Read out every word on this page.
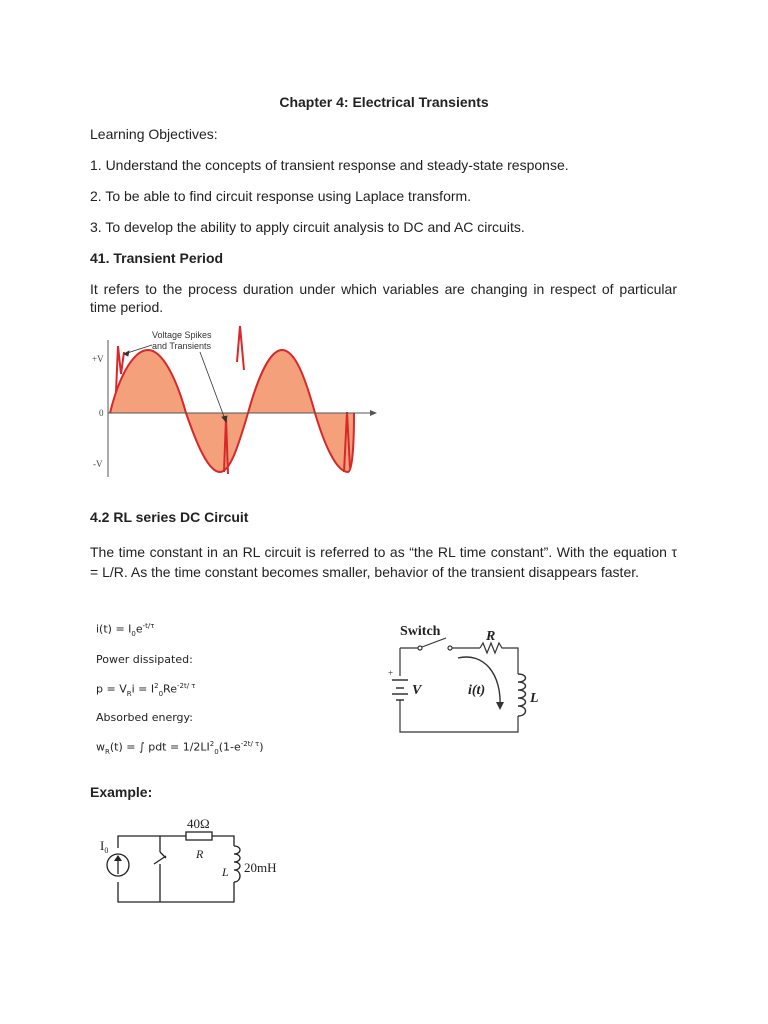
Chapter 4: Electrical Transients
Learning Objectives:
1. Understand the concepts of transient response and steady-state response.
2. To be able to find circuit response using Laplace transform.
3. To develop the ability to apply circuit analysis to DC and AC circuits.
41. Transient Period
It refers to the process duration under which variables are changing in respect of particular time period.
+V
0
-V
Voltage Spikes
and Transients
4.2 RL series DC Circuit
The time constant in an RL circuit is referred to as “the RL time constant”. With the equation τ = L/R. As the time constant becomes smaller, behavior of the transient disappears faster.
$i(t) = I_0e^{-t/\tau}$
Power dissipated:
$p = V_Ri = I^2_0Re^{-2t/ \tau}$
Absorbed energy:
$w_R(t)$ = ∫ pdt = $1/2LI^2_0(1-e^{-2t/ \tau})$
Switch	R
V	i(t)
L
+
Example:
$I_0$
40Ω
R
L 20mH
